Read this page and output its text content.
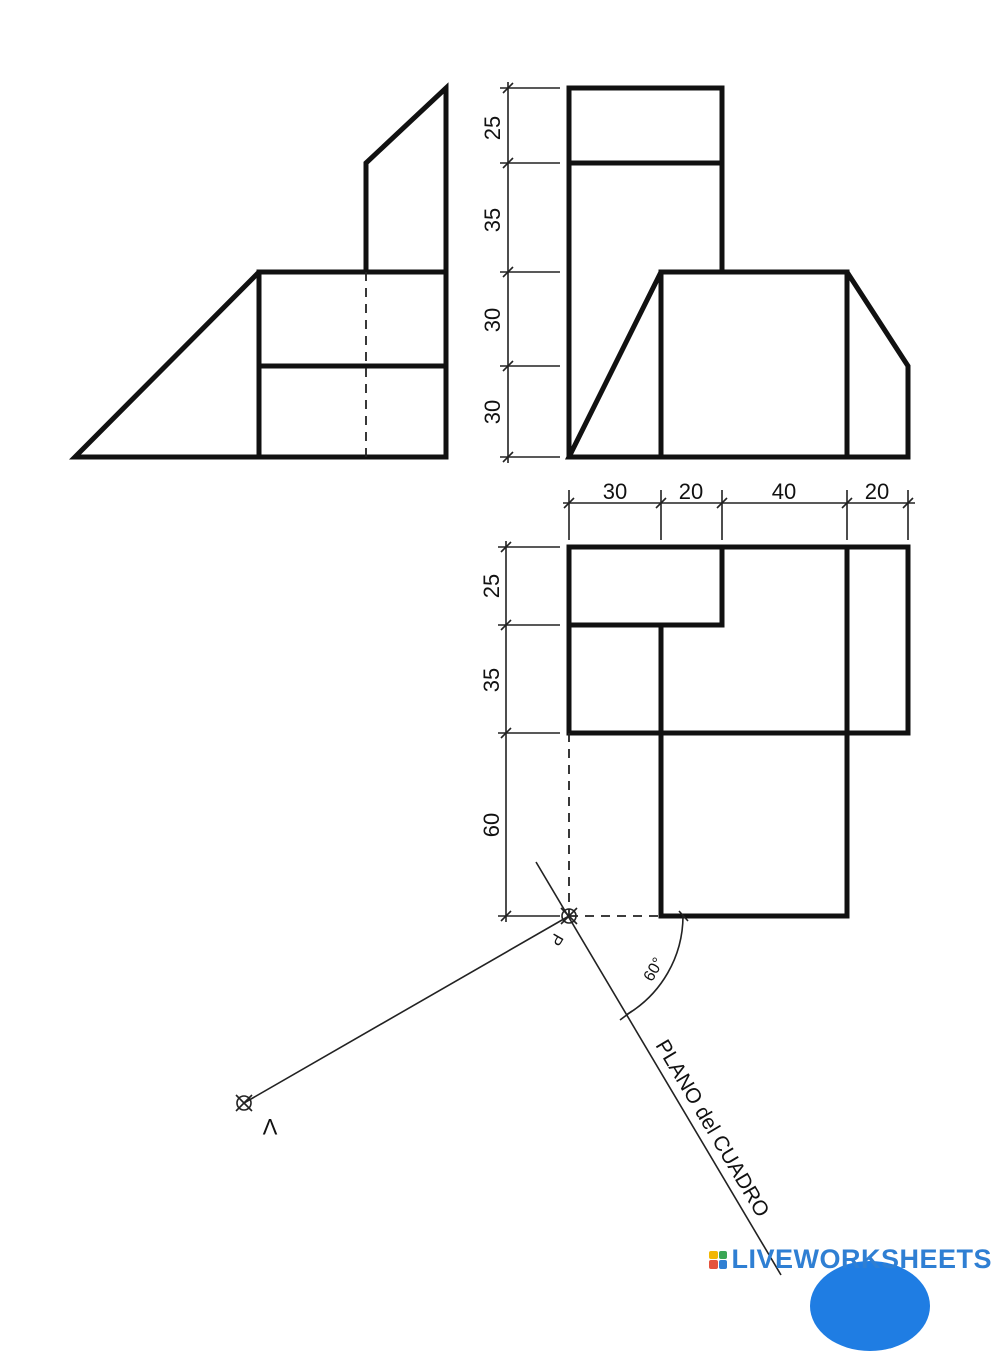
25
35
30
30
30 20	40	20
25
35
60
P
V
60°
PLANO del CUADRO
LIVEWORKSHEETS
